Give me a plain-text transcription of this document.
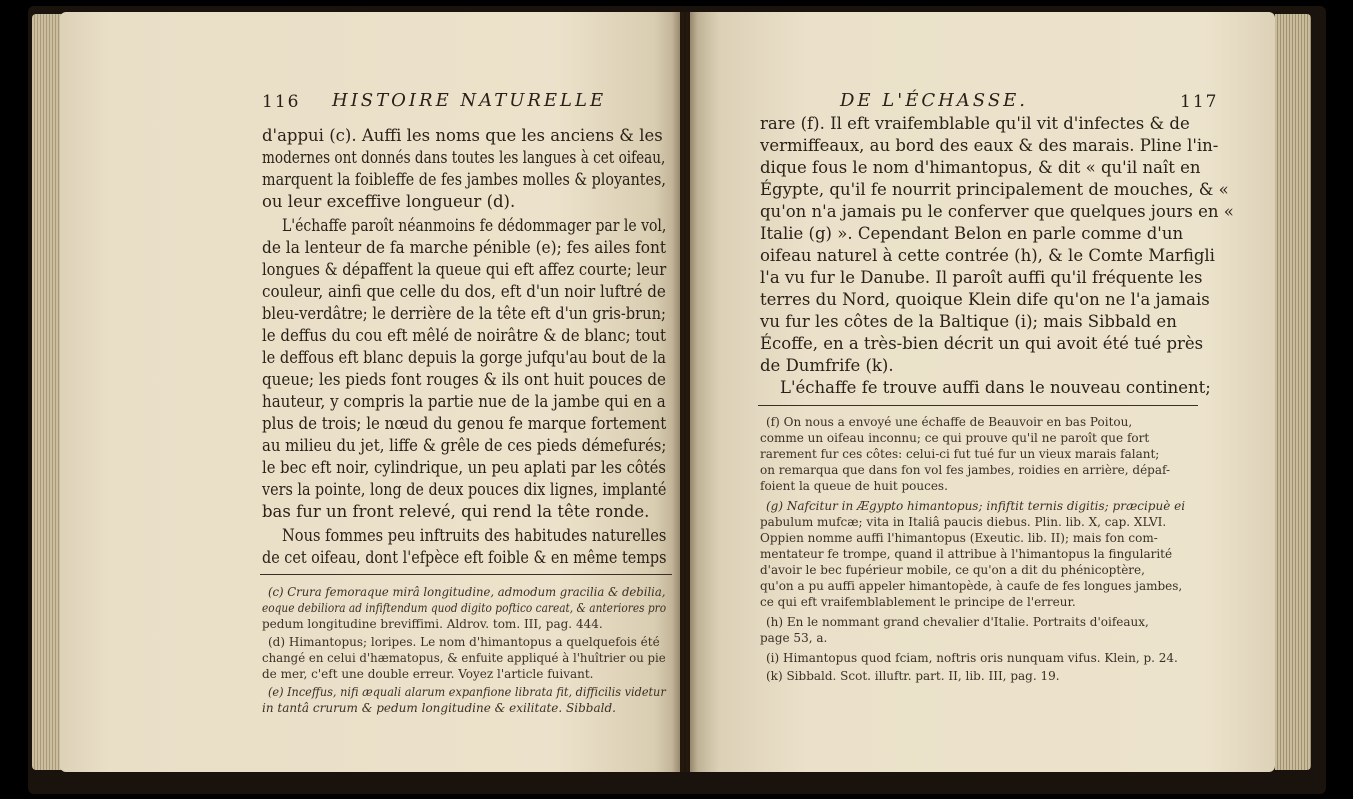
116 HISTOIRE NATURELLE
d'appui (c). Auffi les noms que les anciens & les
modernes ont donnés dans toutes les langues à cet oifeau,
marquent la foibleffe de fes jambes molles & ployantes,
ou leur exceffive longueur (d).
L'échaffe paroît néanmoins fe dédommager par le vol,
de la lenteur de fa marche pénible (e); fes ailes font
longues & dépaffent la queue qui eft affez courte; leur
couleur, ainfi que celle du dos, eft d'un noir luftré de
bleu-verdâtre; le derrière de la tête eft d'un gris-brun;
le deffus du cou eft mêlé de noirâtre & de blanc; tout
le deffous eft blanc depuis la gorge jufqu'au bout de la
queue; les pieds font rouges & ils ont huit pouces de
hauteur, y compris la partie nue de la jambe qui en a
plus de trois; le nœud du genou fe marque fortement
au milieu du jet, liffe & grêle de ces pieds démefurés;
le bec eft noir, cylindrique, un peu aplati par les côtés
vers la pointe, long de deux pouces dix lignes, implanté
bas fur un front relevé, qui rend la tête ronde.
Nous fommes peu inftruits des habitudes naturelles
de cet oifeau, dont l'efpèce eft foible & en même temps
(c) Crura femoraque mirâ longitudine, admodum gracilia & debilia,
eoque debiliora ad infiftendum quod digito poftico careat, & anteriores pro
pedum longitudine breviffimi. Aldrov. tom. III, pag. 444.
(d) Himantopus; loripes. Le nom d'himantopus a quelquefois été
changé en celui d'hæmatopus, & enfuite appliqué à l'huîtrier ou pie
de mer, c'eft une double erreur. Voyez l'article fuivant.
(e) Inceffus, nifi æquali alarum expanfione librata fit, difficilis videtur
in tantâ crurum & pedum longitudine & exilitate. Sibbald.
DE L'ÉCHASSE.	117
rare (f). Il eft vraifemblable qu'il vit d'infectes & de
vermiffeaux, au bord des eaux & des marais. Pline l'in-
dique fous le nom d'himantopus, & dit « qu'il naît en
Égypte, qu'il fe nourrit principalement de mouches, & «
qu'on n'a jamais pu le conferver que quelques jours en «
Italie (g) ». Cependant Belon en parle comme d'un
oifeau naturel à cette contrée (h), & le Comte Marfigli
l'a vu fur le Danube. Il paroît auffi qu'il fréquente les
terres du Nord, quoique Klein dife qu'on ne l'a jamais
vu fur les côtes de la Baltique (i); mais Sibbald en
Écoffe, en a très-bien décrit un qui avoit été tué près
de Dumfrife (k).
L'échaffe fe trouve auffi dans le nouveau continent;
(f) On nous a envoyé une échaffe de Beauvoir en bas Poitou,
comme un oifeau inconnu; ce qui prouve qu'il ne paroît que fort
rarement fur ces côtes: celui-ci fut tué fur un vieux marais falant;
on remarqua que dans fon vol fes jambes, roidies en arrière, dépaf-
foient la queue de huit pouces.
(g) Nafcitur in Ægypto himantopus; infiftit ternis digitis; præcipuè ei
pabulum mufcæ; vita in Italiâ paucis diebus. Plin. lib. X, cap. XLVI.
Oppien nomme auffi l'himantopus (Exeutic. lib. II); mais fon com-
mentateur fe trompe, quand il attribue à l'himantopus la fingularité
d'avoir le bec fupérieur mobile, ce qu'on a dit du phénicoptère,
qu'on a pu auffi appeler himantopède, à caufe de fes longues jambes,
ce qui eft vraifemblablement le principe de l'erreur.
(h) En le nommant grand chevalier d'Italie. Portraits d'oifeaux,
page 53, a.
(i) Himantopus quod fciam, noftris oris nunquam vifus. Klein, p. 24.
(k) Sibbald. Scot. illuftr. part. II, lib. III, pag. 19.
